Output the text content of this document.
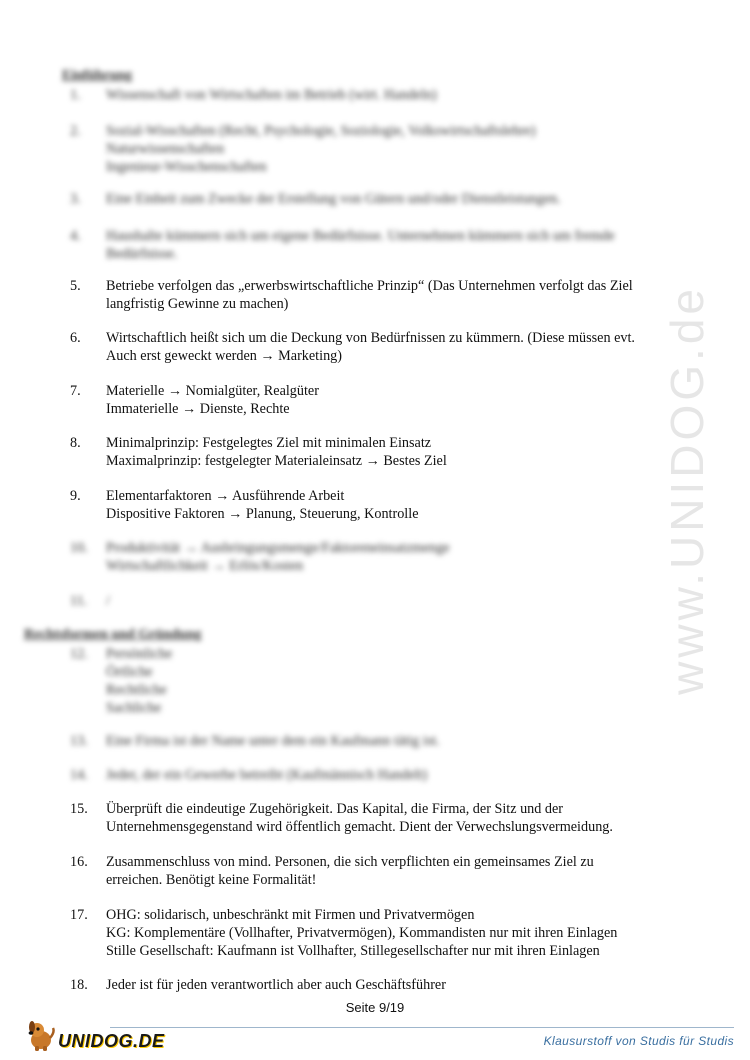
www.UNIDOG.de
Einführung
1.	Wissenschaft von Wirtschaften im Betrieb (wirt. Handeln)
2.	Sozial-Wisschaften (Recht, Psychologie, Soziologie, Volkswirtschaftslehre)
Naturwissenschaften
Ingenieur-Wisschenschaften
3.	Eine Einheit zum Zwecke der Erstellung von Gütern und/oder Dienstleistungen.
4.	Haushalte kümmern sich um eigene Bedürfnisse. Unternehmen kümmern sich um fremde
Bedürfnisse.
5.	Betriebe verfolgen das „erwerbswirtschaftliche Prinzip“ (Das Unternehmen verfolgt das Ziel
langfristig Gewinne zu machen)
6.	Wirtschaftlich heißt sich um die Deckung von Bedürfnissen zu kümmern. (Diese müssen evt.
Auch erst geweckt werden → Marketing)
7.	Materielle → Nomialgüter, Realgüter
Immaterielle → Dienste, Rechte
8.	Minimalprinzip: Festgelegtes Ziel mit minimalen Einsatz
Maximalprinzip: festgelegter Materialeinsatz → Bestes Ziel
9.	Elementarfaktoren → Ausführende Arbeit
Dispositive Faktoren → Planung, Steuerung, Kontrolle
10.	Produktivität → Ausbringungsmenge/Faktoreneinsatzmenge
Wirtschaftlichkeit → Erlös/Kosten
11.	/
Rechtsformen und Gründung
12.	Persönliche
Örtliche
Rechtliche
Sachliche
13.	Eine Firma ist der Name unter dem ein Kaufmann tätig ist.
14.	Jeder, der ein Gewerbe betreibt (Kaufmännisch Handelt)
15.	Überprüft die eindeutige Zugehörigkeit. Das Kapital, die Firma, der Sitz und der
Unternehmensgegenstand wird öffentlich gemacht. Dient der Verwechslungsvermeidung.
16.	Zusammenschluss von mind. Personen, die sich verpflichten ein gemeinsames Ziel zu
erreichen. Benötigt keine Formalität!
17.	OHG: solidarisch, unbeschränkt mit Firmen und Privatvermögen
KG: Komplementäre (Vollhafter, Privatvermögen), Kommandisten nur mit ihren Einlagen
Stille Gesellschaft: Kaufmann ist Vollhafter, Stillegesellschafter nur mit ihren Einlagen
18.	Jeder ist für jeden verantwortlich aber auch Geschäftsführer
Seite 9/19
UNIDOG.DE	Klausurstoff von Studis für Studis
